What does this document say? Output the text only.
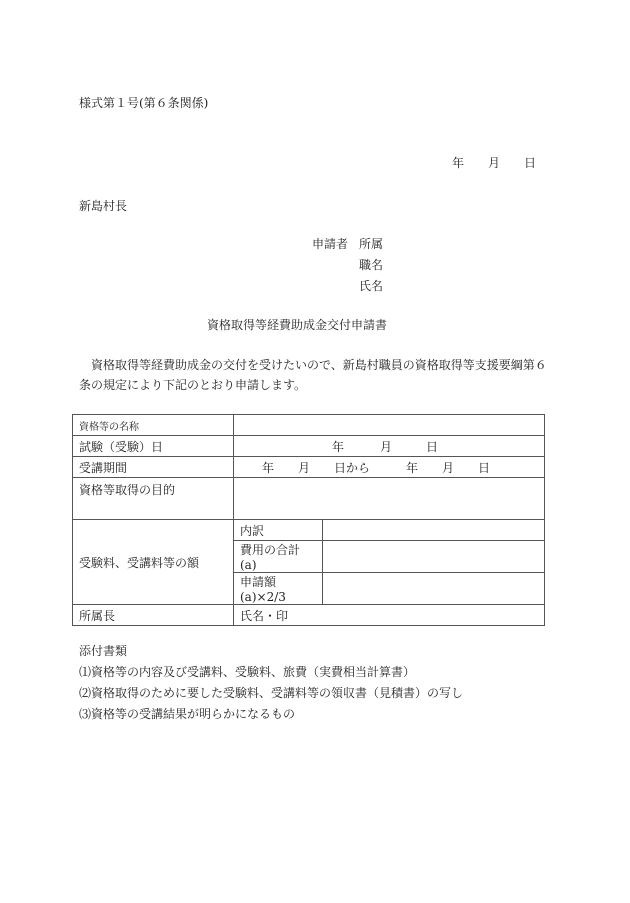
様式第１号(第６条関係)
年 月 日
新島村長
申請者 所属
職名
氏名
資格取得等経費助成金交付申請書
資格取得等経費助成金の交付を受けたいので、新島村職員の資格取得等支援要綱第６条の規定により下記のとおり申請します。
資格等の名称		
試験（受験）日	年 月 日	
受講期間	年　　月　　日から　　　年　　月　　日	
資格等取得の目的		
受験料、受講料等の額	内訳	
	費用の合計(a)	
	申請額(a)×2/3	
所属長	氏名・印	
添付書類
⑴資格等の内容及び受講料、受験料、旅費（実費相当計算書）
⑵資格取得のために要した受験料、受講料等の領収書（見積書）の写し
⑶資格等の受講結果が明らかになるもの
